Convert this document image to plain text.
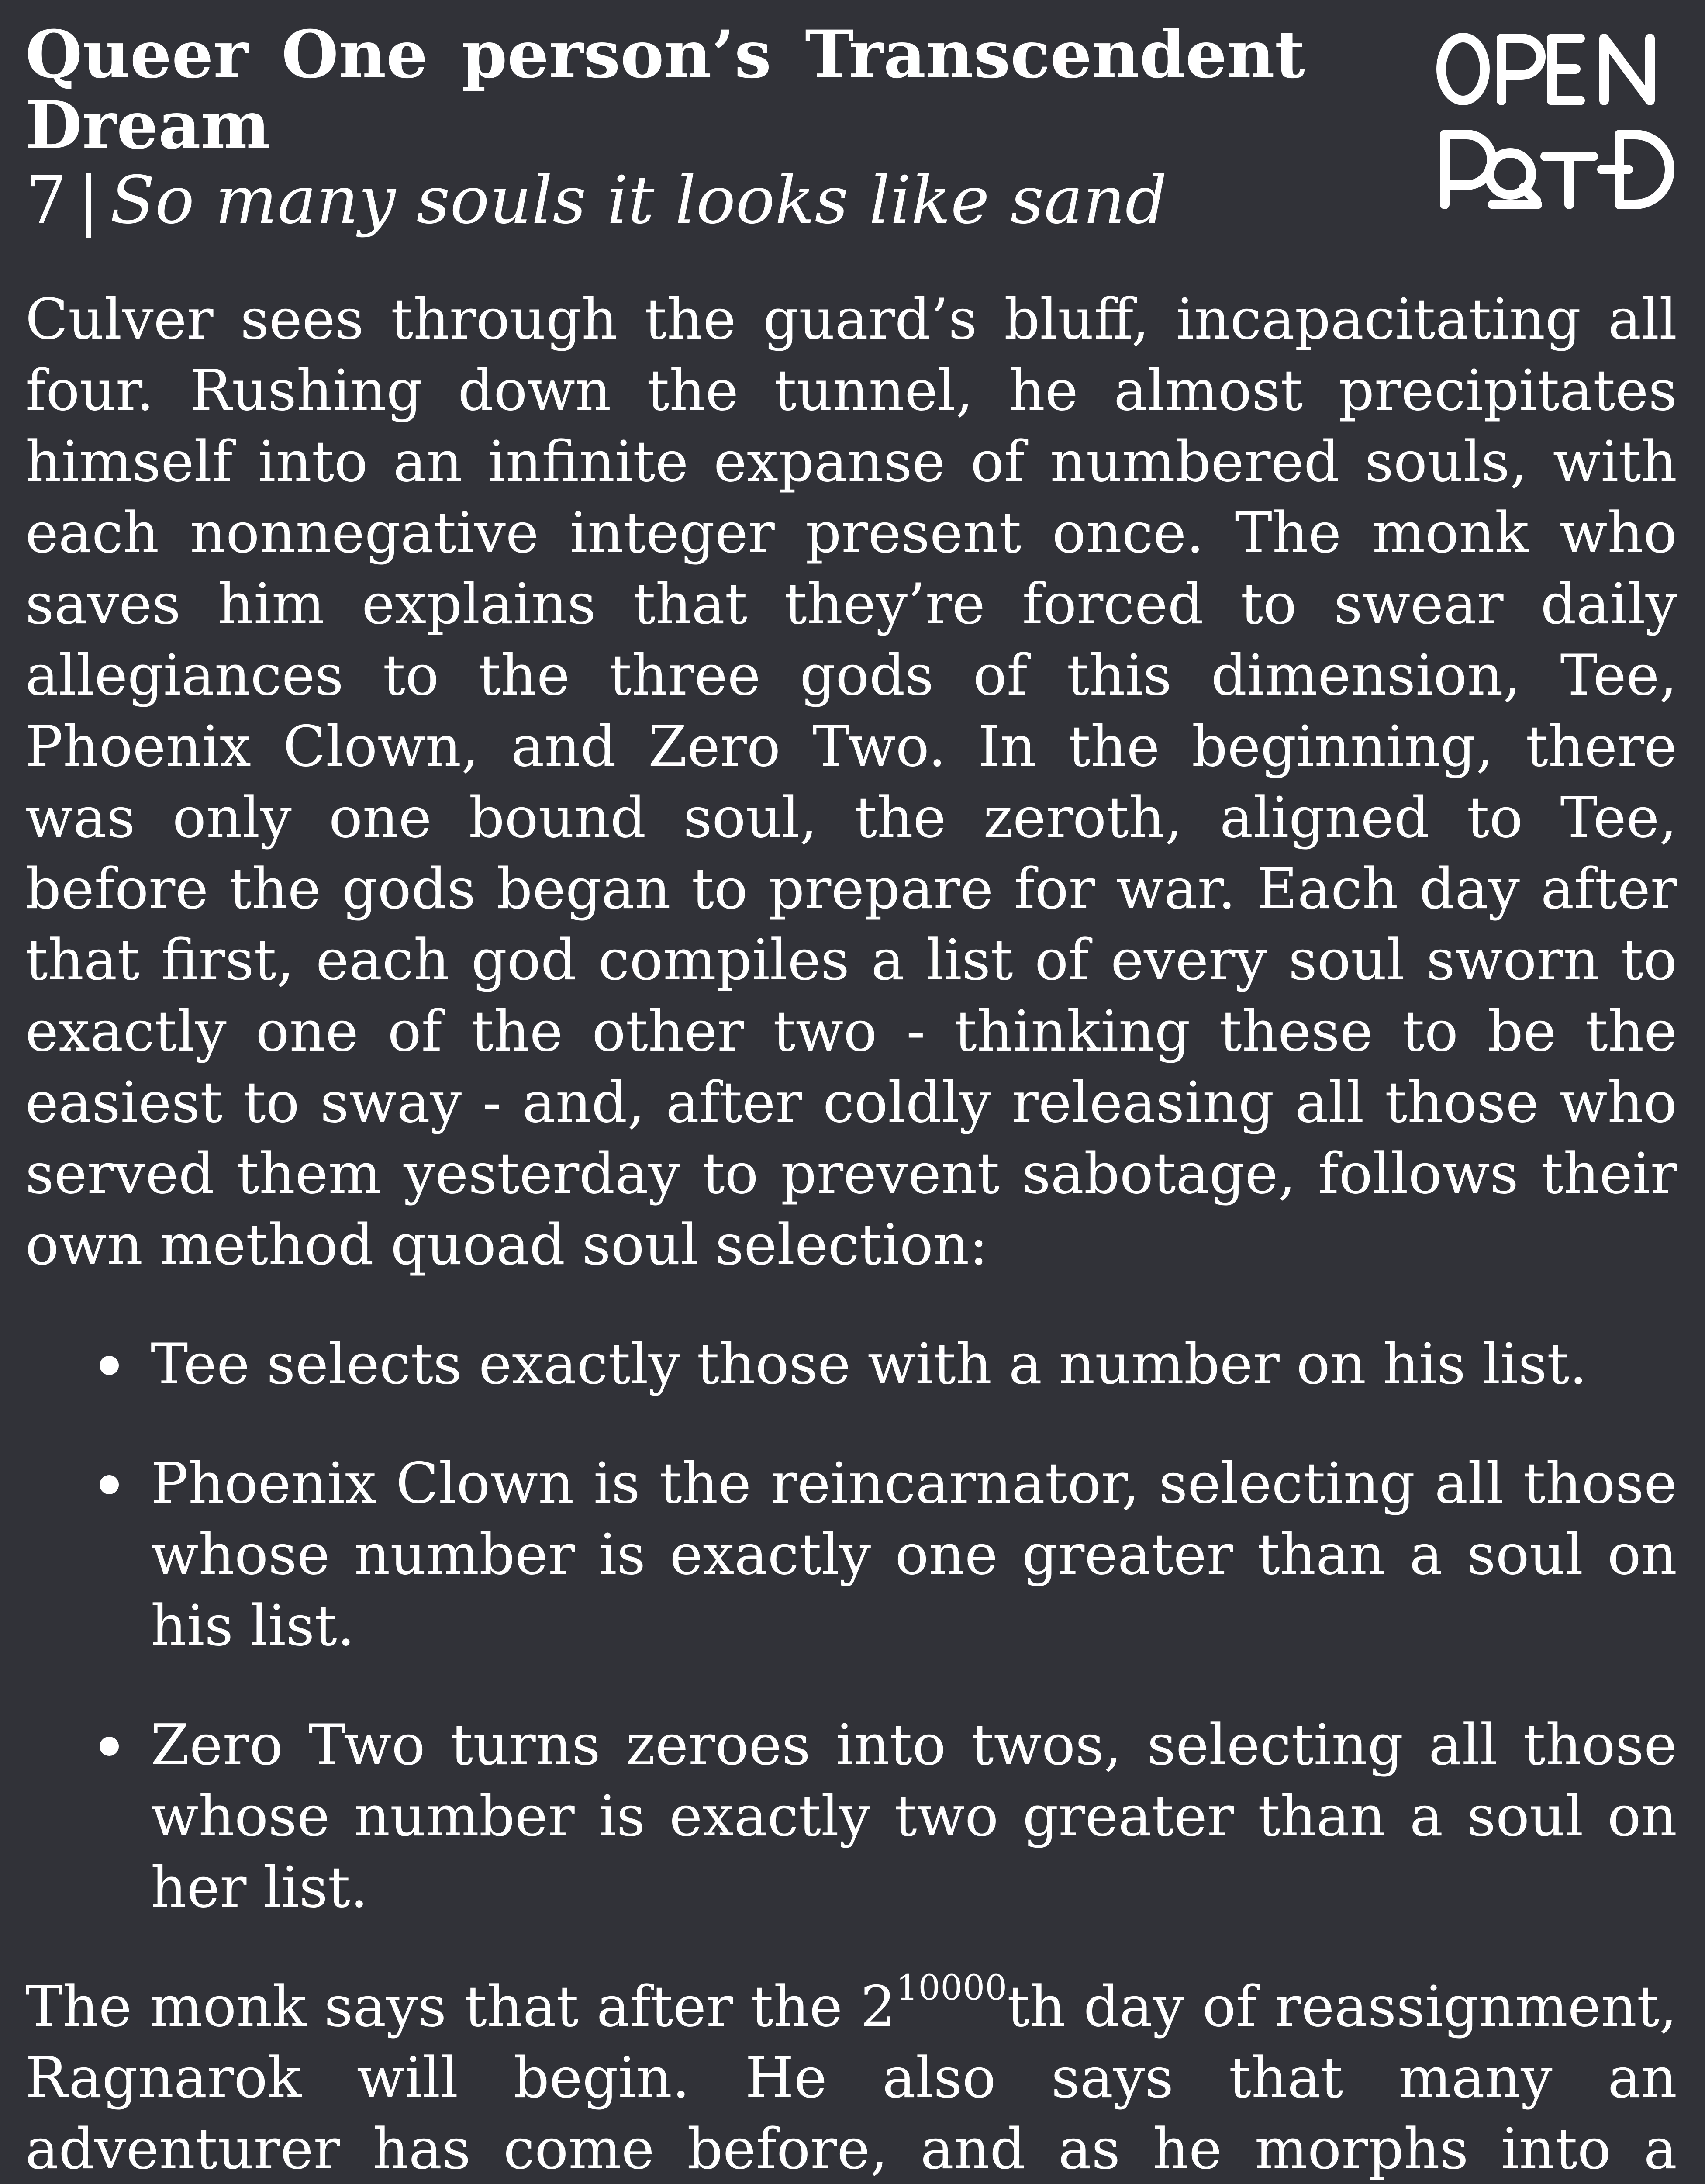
Queer One person’s Transcendent Dream
7 | So many souls it looks like sand

Culver sees through the guard’s bluff, incapacitating all four. Rushing down the tunnel, he almost precipitates himself into an infinite expanse of numbered souls, with each nonnegative integer present once. The monk who saves him explains that they’re forced to swear daily allegiances to the three gods of this dimension, Tee, Phoenix Clown, and Zero Two. In the beginning, there was only one bound soul, the zeroth, aligned to Tee, before the gods began to prepare for war. Each day after that first, each god compiles a list of every soul sworn to exactly one of the other two - thinking these to be the easiest to sway - and, after coldly releasing all those who served them yesterday to prevent sabotage, follows their own method quoad soul selection:

Tee selects exactly those with a number on his list.
Phoenix Clown is the reincarnator, selecting all those whose number is exactly one greater than a soul on his list.
Zero Two turns zeroes into twos, selecting all those whose number is exactly two greater than a soul on her list.

The monk says that after the $2^{10000}th$ day of reassignment, Ragnarok will begin. He also says that many an adventurer has come before, and as he morphs into a
